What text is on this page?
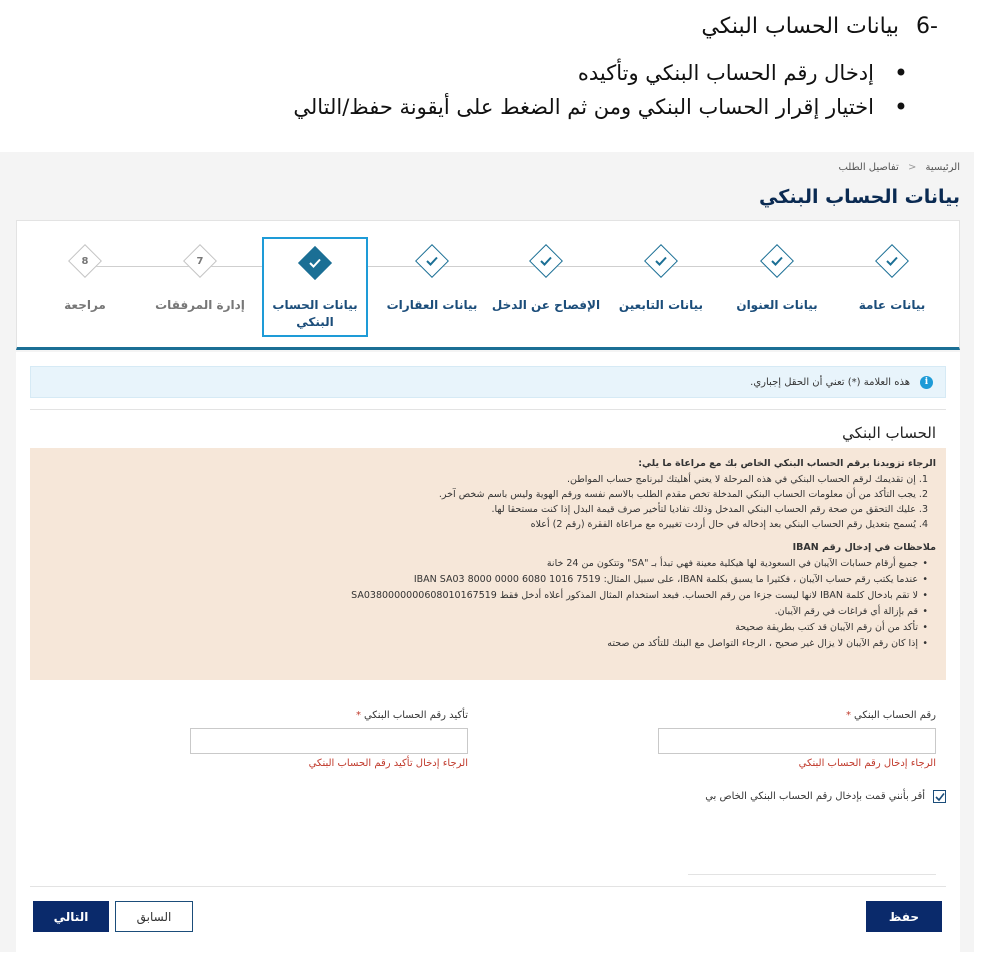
-6 بيانات الحساب البنكي
• إدخال رقم الحساب البنكي وتأكيده
• اختيار إقرار الحساب البنكي ومن ثم الضغط على أيقونة حفظ/التالي
الرئيسية < تفاصيل الطلب
بيانات الحساب البنكي
بيانات عامة
بيانات العنوان
بيانات التابعين
الإفصاح عن الدخل
بيانات العقارات
بيانات الحساب البنكي
7
إدارة المرفقات
8
مراجعة
i
هذه العلامة (*) تعني أن الحقل إجباري.
الحساب البنكي
الرجاء تزويدنا برقم الحساب البنكي الخاص بك مع مراعاة ما يلي:
1. إن تقديمك لرقم الحساب البنكي في هذه المرحلة لا يعني أهليتك لبرنامج حساب المواطن.
2. يجب التأكد من أن معلومات الحساب البنكي المدخلة تخص مقدم الطلب بالاسم نفسه ورقم الهوية وليس باسم شخص آخر.
3. عليك التحقق من صحة رقم الحساب البنكي المدخل وذلك تفاديا لتأخير صرف قيمة البدل إذا كنت مستحقا لها.
4. يُسمح بتعديل رقم الحساب البنكي بعد إدخاله في حال أردت تغييره مع مراعاة الفقرة (رقم 2) أعلاه
ملاحظات في إدخال رقم IBAN
• جميع أرقام حسابات الآيبان في السعودية لها هيكلية معينة فهي تبدأ بـ "SA" وتتكون من 24 خانة
• عندما يكتب رقم حساب الآيبان ، فكثيرا ما يسبق بكلمة IBAN، على سبيل المثال: IBAN SA03 8000 0000 6080 1016 7519
• لا تقم بادخال كلمة IBAN لانها ليست جزءا من رقم الحساب. فبعد استخدام المثال المذكور أعلاه أدخل فقط SA0380000000608010167519
• قم بإزالة أي فراغات في رقم الآيبان.
• تأكد من أن رقم الآيبان قد كتب بطريقة صحيحة
• إذا كان رقم الآيبان لا يزال غير صحيح ، الرجاء التواصل مع البنك للتأكد من صحته
رقم الحساب البنكي*
الرجاء إدخال رقم الحساب البنكي
تأكيد رقم الحساب البنكي*
الرجاء إدخال تأكيد رقم الحساب البنكي
أقر بأنني قمت بإدخال رقم الحساب البنكي الخاص بي
حفظ
التالي	السابق
